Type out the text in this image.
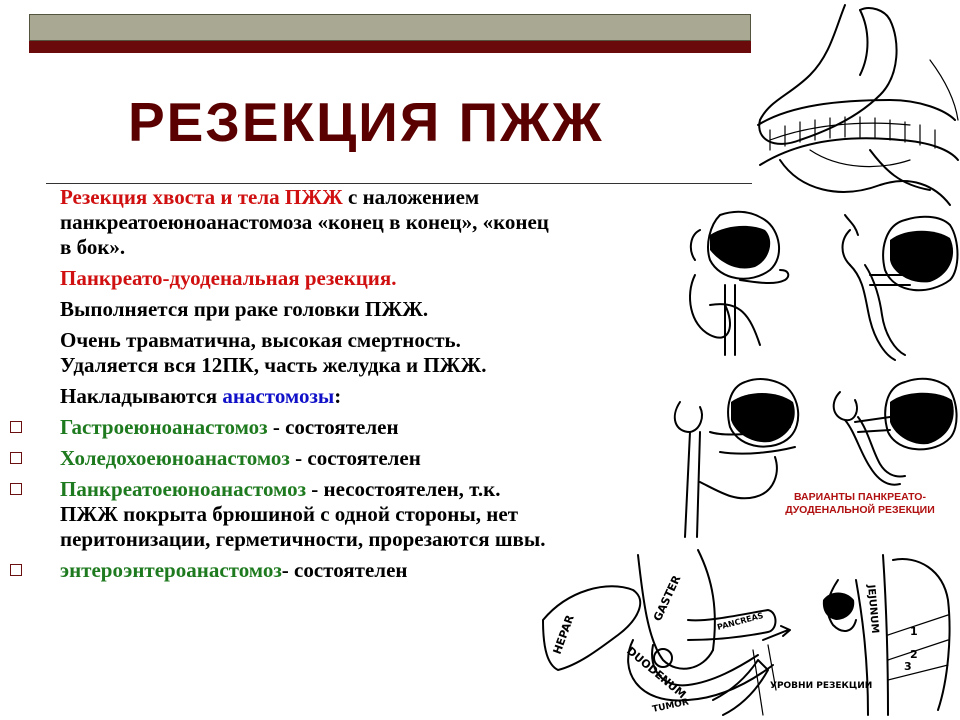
РЕЗЕКЦИЯ ПЖЖ
Резекция хвоста и тела ПЖЖ с наложением панкреатоеюноанастомоза «конец в конец», «конец в бок».
Панкреато-дуоденальная резекция.
Выполняется при раке головки ПЖЖ.
Очень травматична, высокая смертность. Удаляется вся 12ПК, часть желудка и ПЖЖ.
Накладываются анастомозы:
Гастроеюноанастомоз - состоятелен
Холедохоеюноанастомоз - состоятелен
Панкреатоеюноанастомоз - несостоятелен, т.к. ПЖЖ покрыта брюшиной с одной стороны, нет перитонизации, герметичности, прорезаются швы.
энтероэнтероанастомоз- состоятелен
ВАРИАНТЫ ПАНКРЕАТО-ДУОДЕНАЛЬНОЙ РЕЗЕКЦИИ
HEPAR
GASTER	PANCREAS
DUODENUM
TUMOR
УРОВНИ РЕЗЕКЦИИ
JEJUNUM	1
2
3
